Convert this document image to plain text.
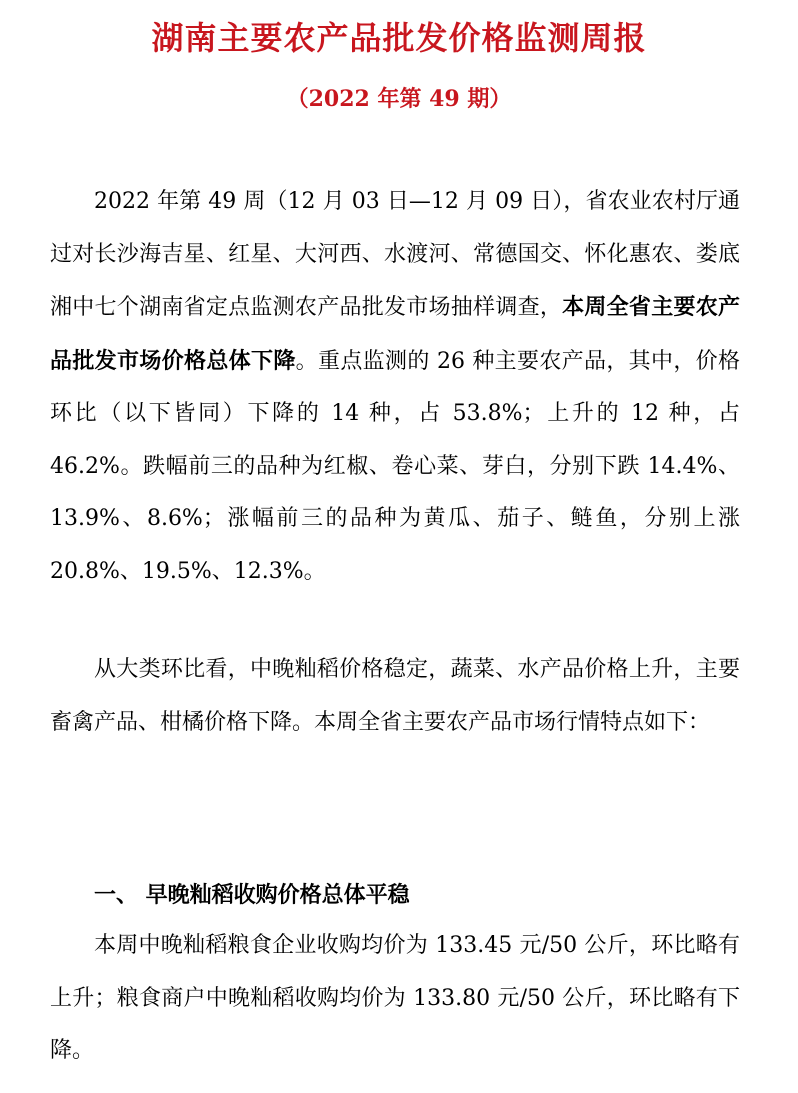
湖南主要农产品批发价格监测周报
（2022 年第 49 期）

2022 年第 49 周（12 月 03 日—12 月 09 日），省农业农村厅通过对长沙海吉星、红星、大河西、水渡河、常德国交、怀化惠农、娄底湘中七个湖南省定点监测农产品批发市场抽样调查，本周全省主要农产品批发市场价格总体下降。重点监测的 26 种主要农产品，其中，价格环比（以下皆同）下降的 14 种，占 53.8%；上升的 12 种，占 46.2%。跌幅前三的品种为红椒、卷心菜、芽白，分别下跌 14.4%、13.9%、8.6%；涨幅前三的品种为黄瓜、茄子、鲢鱼，分别上涨 20.8%、19.5%、12.3%。

从大类环比看，中晚籼稻价格稳定，蔬菜、水产品价格上升，主要畜禽产品、柑橘价格下降。本周全省主要农产品市场行情特点如下：

一、 早晚籼稻收购价格总体平稳

本周中晚籼稻粮食企业收购均价为 133.45 元/50 公斤，环比略有上升；粮食商户中晚籼稻收购均价为 133.80 元/50 公斤，环比略有下降。
